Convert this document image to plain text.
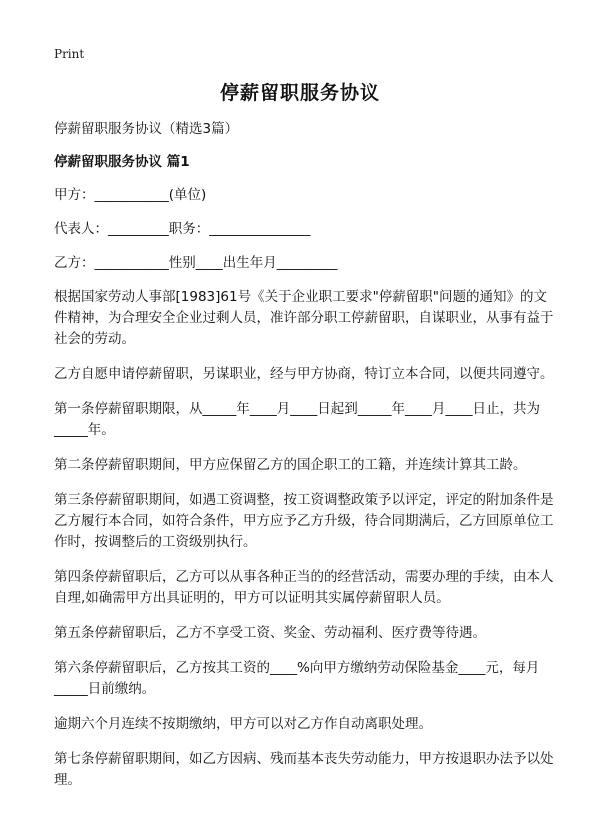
Print
停薪留职服务协议

停薪留职服务协议（精选3篇）

停薪留职服务协议 篇1

甲方：___________(单位)

代表人：_________职务：_______________

乙方：___________性别____出生年月_________

根据国家劳动人事部[1983]61号《关于企业职工要求"停薪留职"问题的通知》的文件精神，为合理安全企业过剩人员，准许部分职工停薪留职，自谋职业，从事有益于社会的劳动。

乙方自愿申请停薪留职，另谋职业，经与甲方协商，特订立本合同，以便共同遵守。

第一条停薪留职期限，从_____年____月____日起到_____年____月____日止，共为_____年。

第二条停薪留职期间，甲方应保留乙方的国企职工的工籍，并连续计算其工龄。

第三条停薪留职期间，如遇工资调整，按工资调整政策予以评定，评定的附加条件是乙方履行本合同，如符合条件，甲方应予乙方升级，待合同期满后，乙方回原单位工作时，按调整后的工资级别执行。

第四条停薪留职后，乙方可以从事各种正当的的经营活动，需要办理的手续，由本人自理,如确需甲方出具证明的，甲方可以证明其实属停薪留职人员。

第五条停薪留职后，乙方不享受工资、奖金、劳动福利、医疗费等待遇。

第六条停薪留职后，乙方按其工资的____%向甲方缴纳劳动保险基金____元，每月_____日前缴纳。

逾期六个月连续不按期缴纳，甲方可以对乙方作自动离职处理。

第七条停薪留职期间，如乙方因病、残而基本丧失劳动能力，甲方按退职办法予以处理。
